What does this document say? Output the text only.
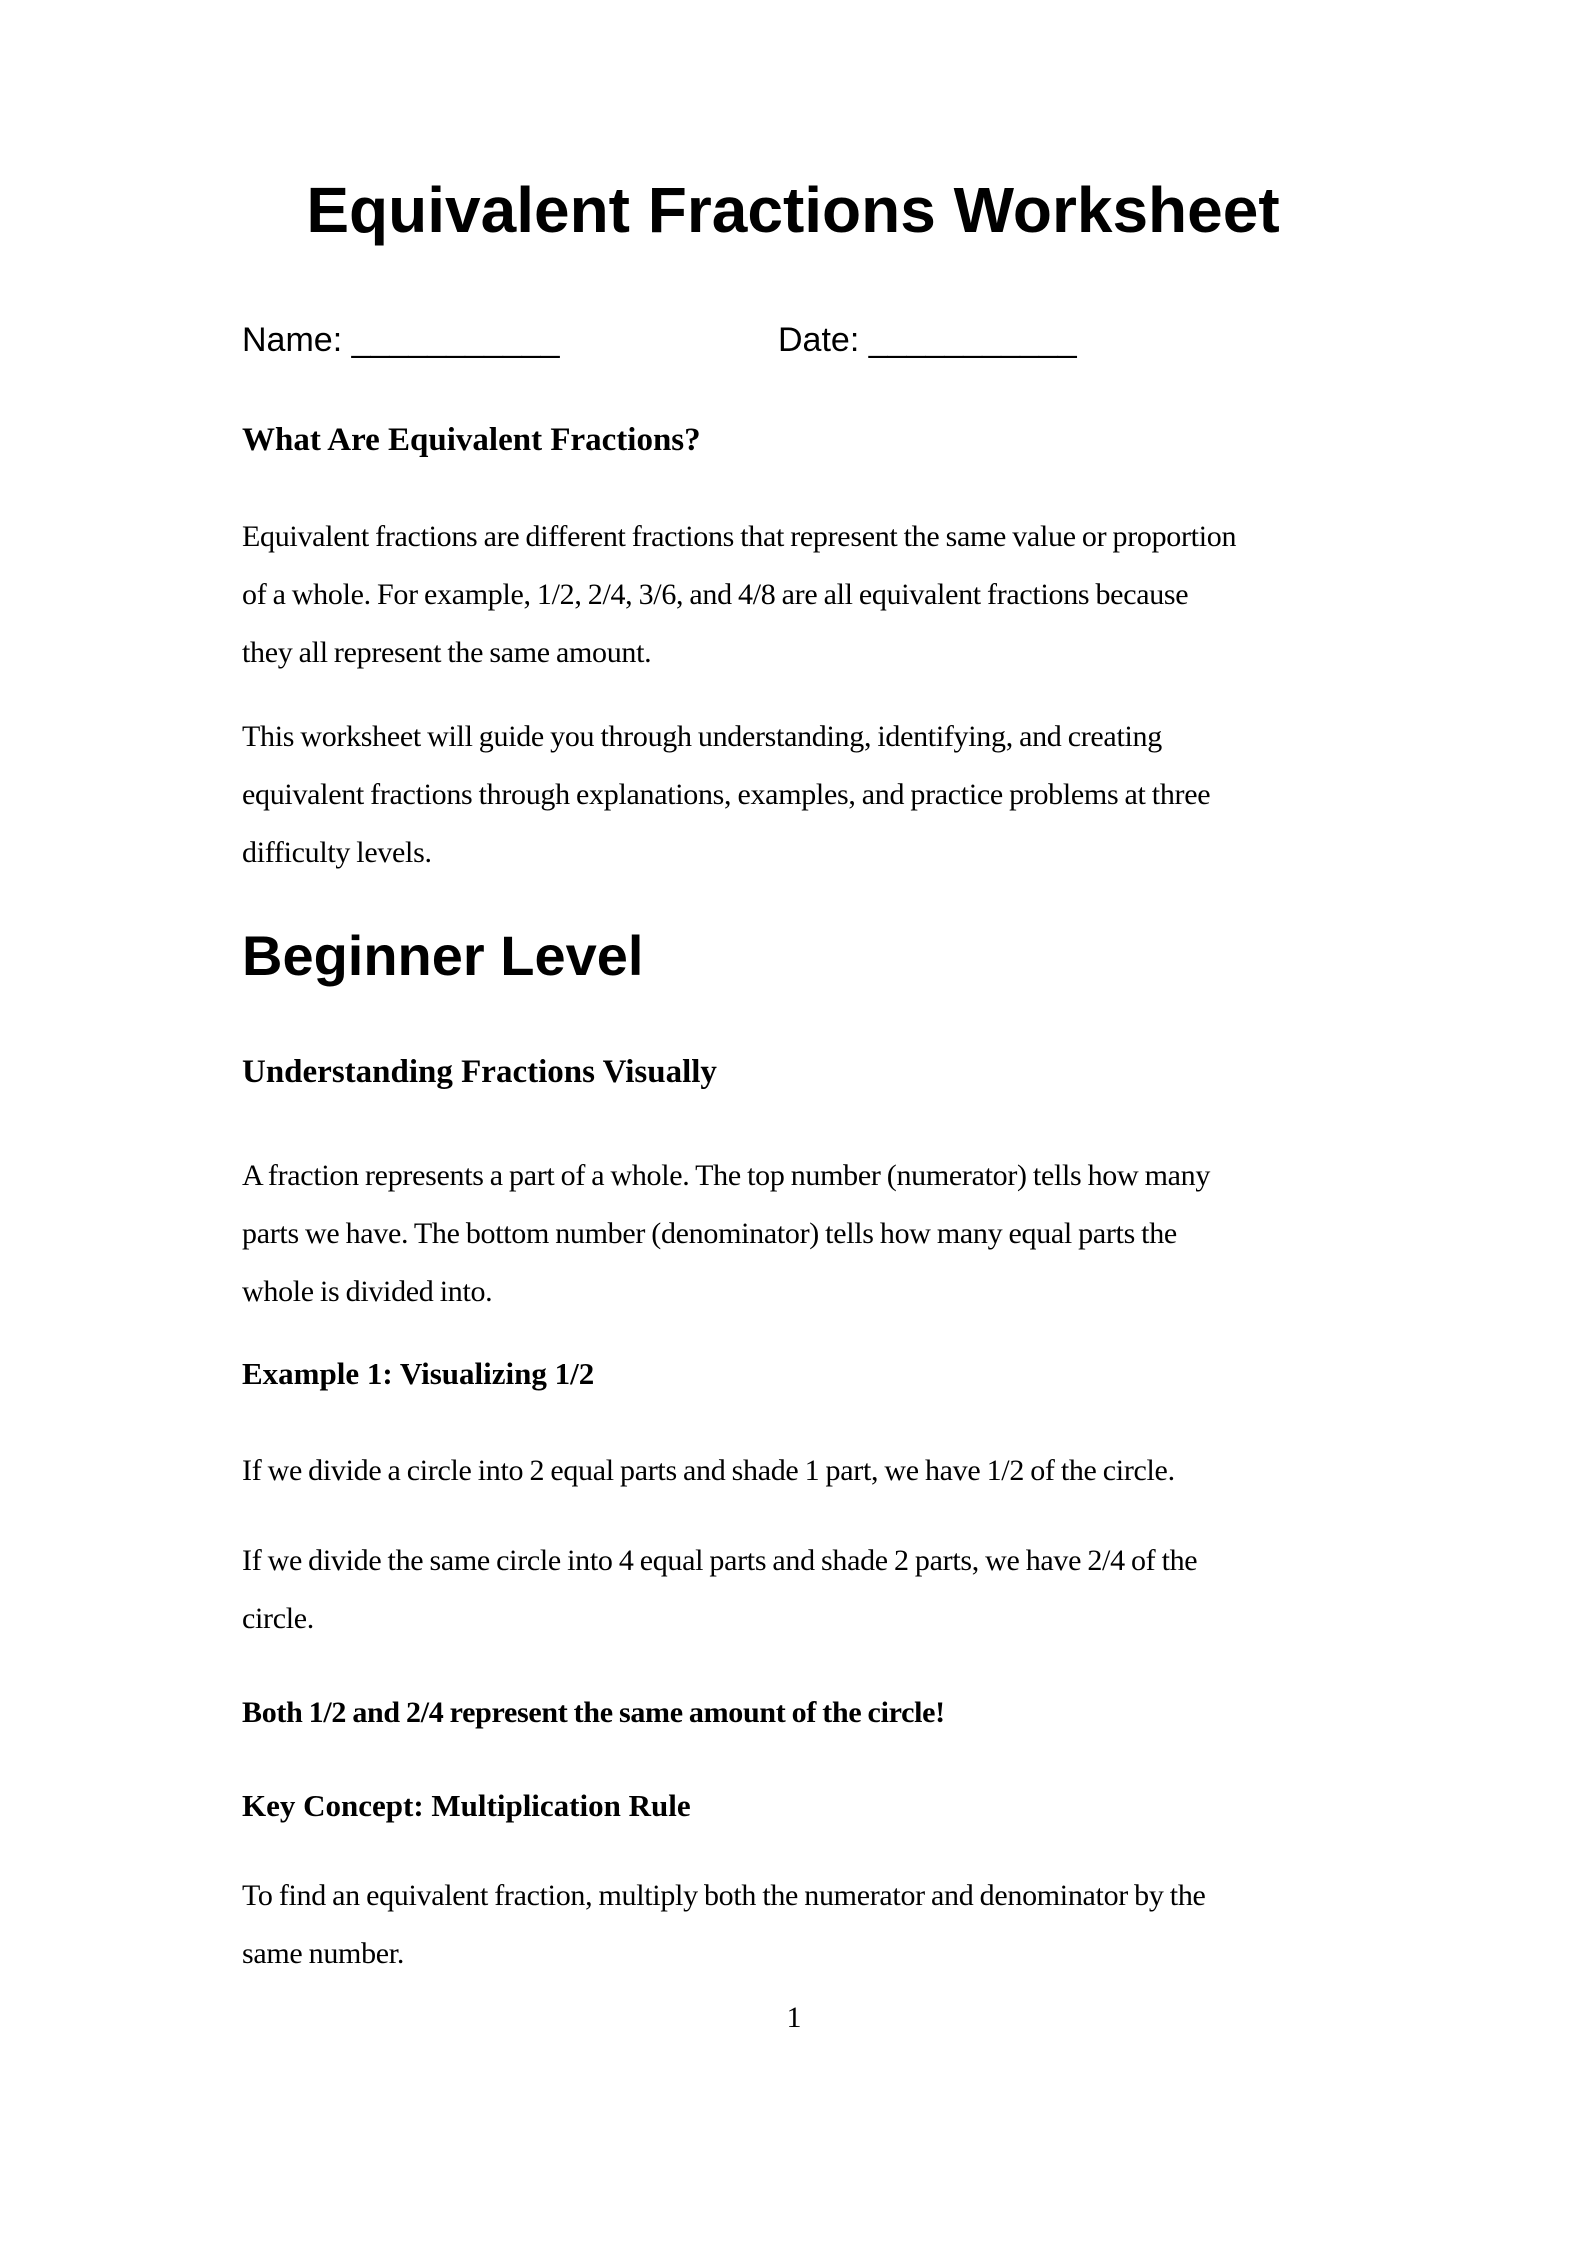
Equivalent Fractions Worksheet
Name: ___________	Date: ___________
What Are Equivalent Fractions?
Equivalent fractions are different fractions that represent the same value or proportion
of a whole. For example, 1/2, 2/4, 3/6, and 4/8 are all equivalent fractions because
they all represent the same amount.
This worksheet will guide you through understanding, identifying, and creating
equivalent fractions through explanations, examples, and practice problems at three
difficulty levels.
Beginner Level
Understanding Fractions Visually
A fraction represents a part of a whole. The top number (numerator) tells how many
parts we have. The bottom number (denominator) tells how many equal parts the
whole is divided into.
Example 1: Visualizing 1/2
If we divide a circle into 2 equal parts and shade 1 part, we have 1/2 of the circle.
If we divide the same circle into 4 equal parts and shade 2 parts, we have 2/4 of the
circle.
Both 1/2 and 2/4 represent the same amount of the circle!
Key Concept: Multiplication Rule
To find an equivalent fraction, multiply both the numerator and denominator by the
same number.
1
